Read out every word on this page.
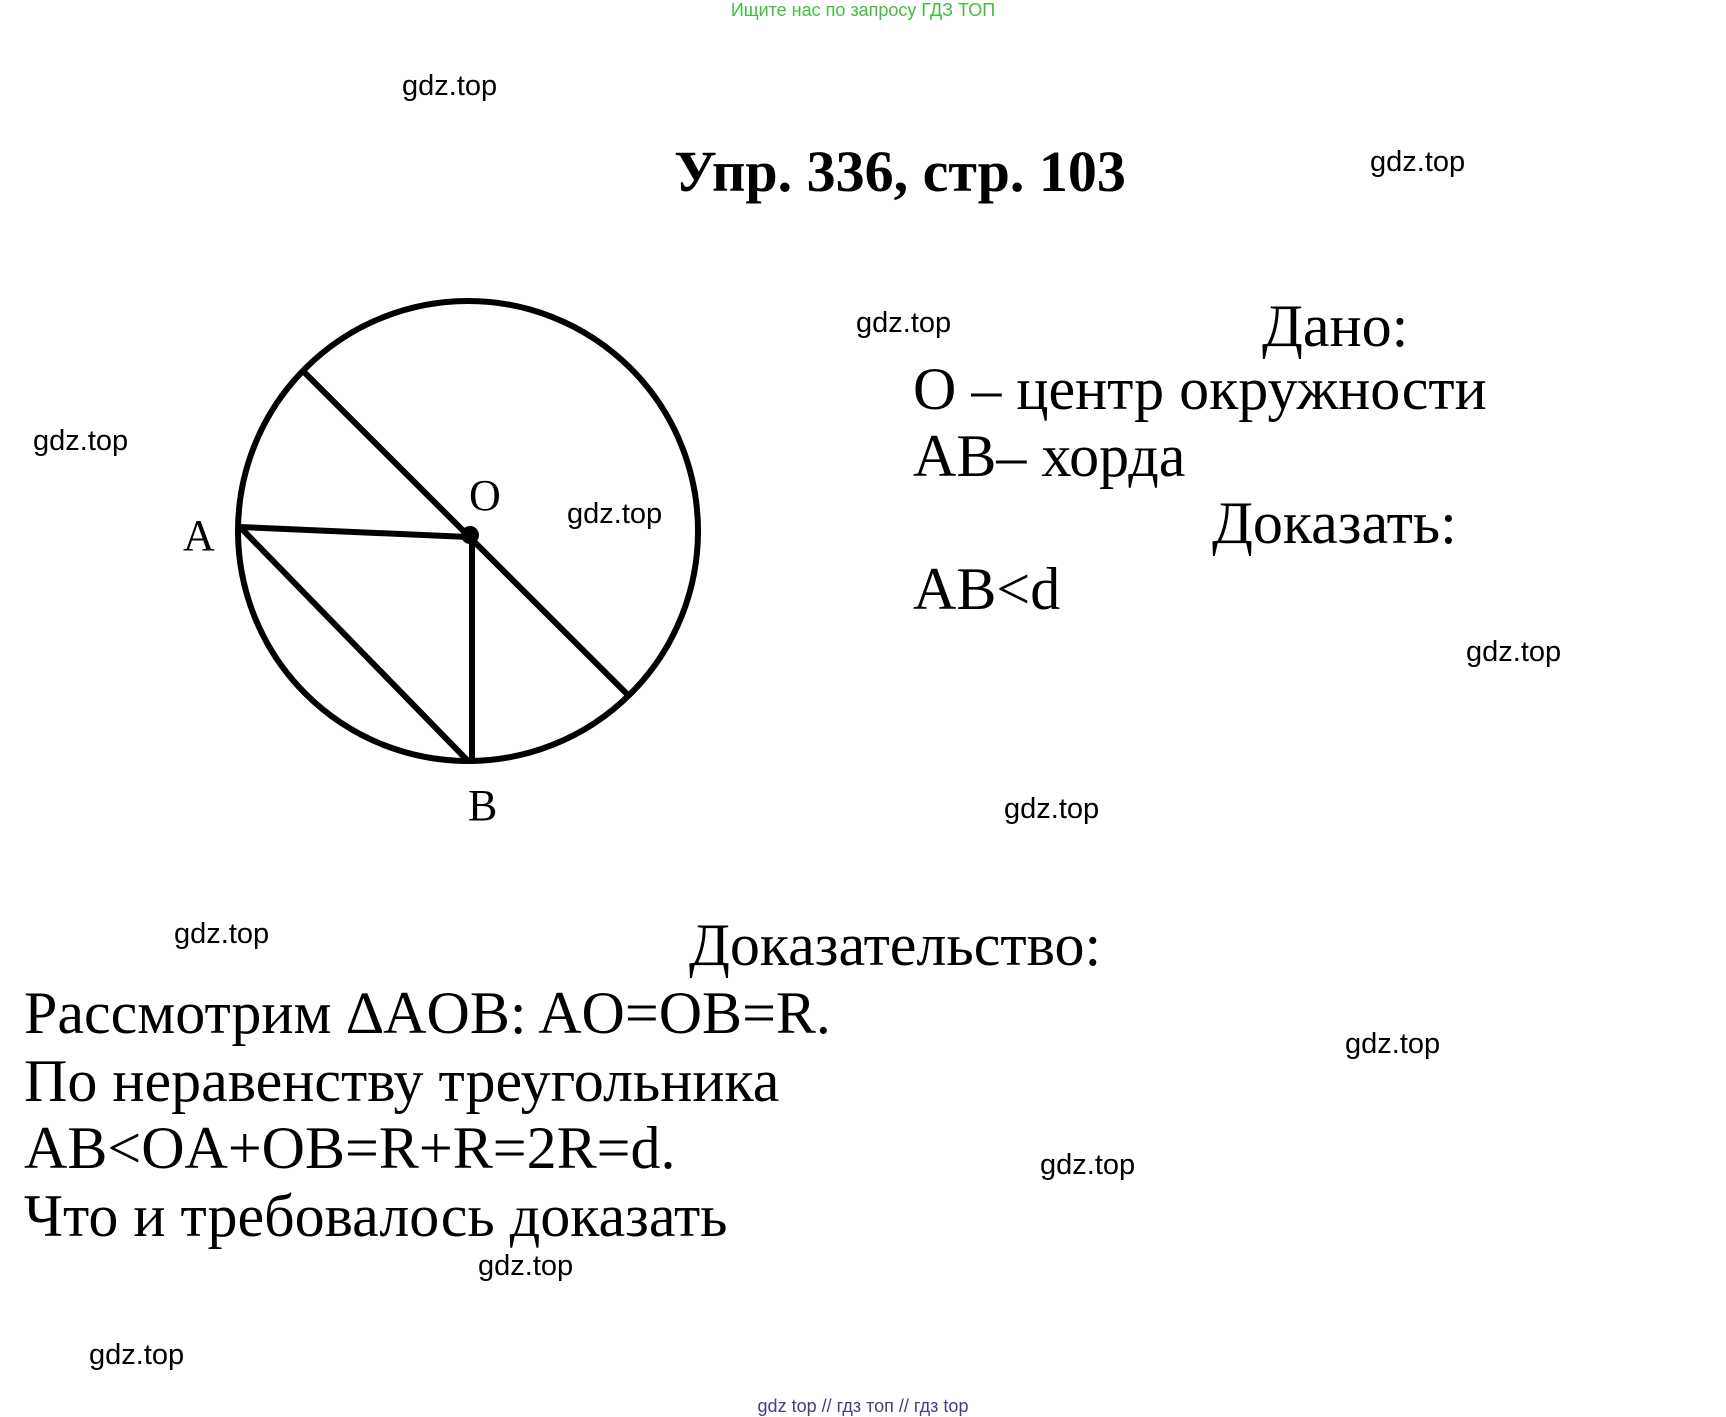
Ищите нас по запросу ГДЗ ТОП
Упр. 336, стр. 103
O
A
B
Дано:
O – центр окружности
AB– хорда
Доказать:
AB<d
Доказательство:
Рассмотрим ∆AOB: AO=OB=R.
По неравенству треугольника
AB<OA+OB=R+R=2R=d.
Что и требовалось доказать
gdz.top
gdz.top
gdz.top
gdz.top
gdz.top
gdz.top
gdz.top
gdz.top
gdz.top
gdz.top
gdz.top
gdz.top
gdz top // гдз топ // гдз top
